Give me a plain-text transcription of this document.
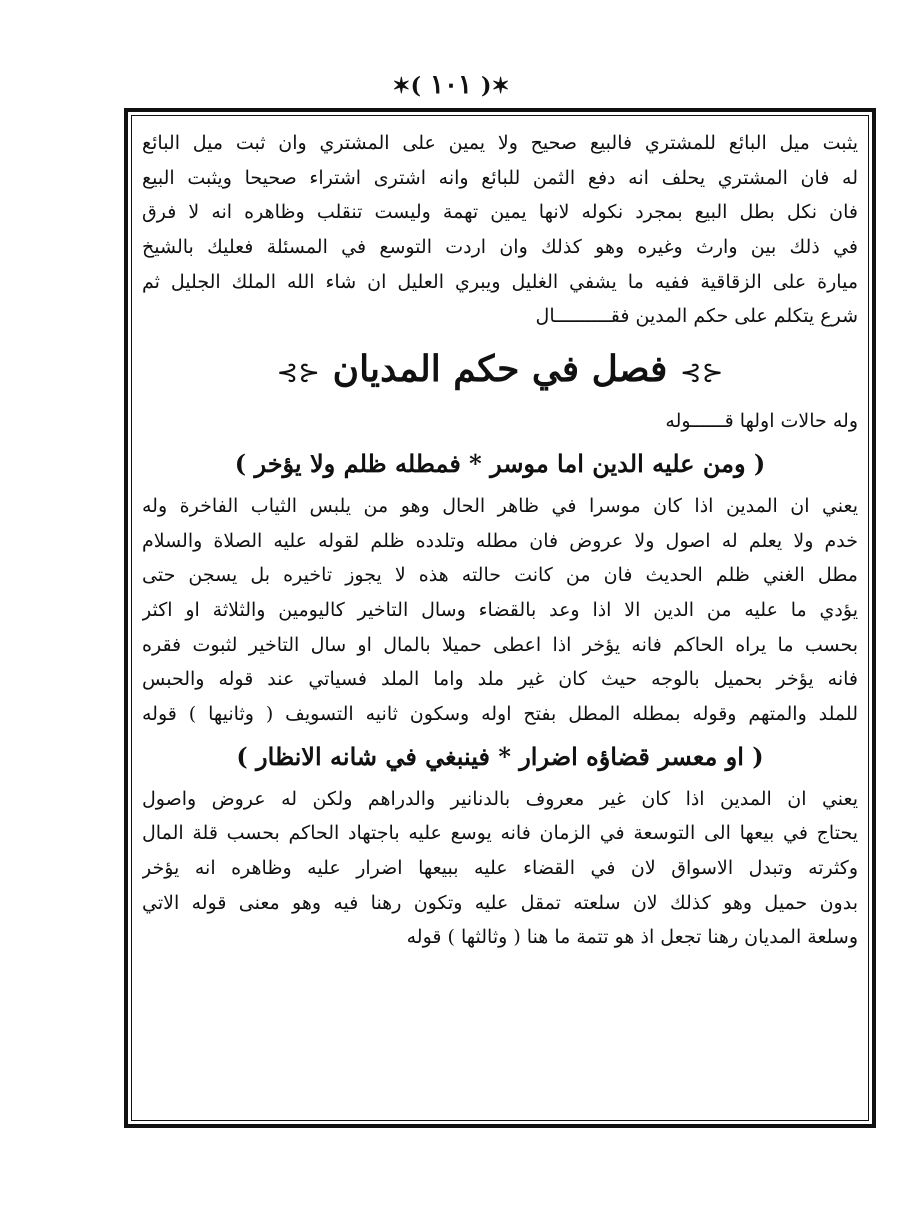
✶( ١٠١ )✶
يثبت ميل البائع للمشتري فالبيع صحيح ولا يمين على المشتري وان ثبت ميل البائع
له فان المشتري يحلف انه دفع الثمن للبائع وانه اشترى اشتراء صحيحا ويثبت البيع
فان نكل بطل البيع بمجرد نكوله لانها يمين تهمة وليست تنقلب وظاهره انه لا فرق
في ذلك بين وارث وغيره وهو كذلك وان اردت التوسع في المسئلة فعليك بالشيخ
ميارة على الزقاقية ففيه ما يشفي الغليل ويبري العليل ان شاء الله الملك الجليل ثم
شرع يتكلم على حكم المدين فقــــــــــال
⊰⊱ فصل في حكم المديان ⊰⊱
وله حالات اولها قــــــوله
( ومن عليه الدين اما موسر * فمطله ظلم ولا يؤخر )
يعني ان المدين اذا كان موسرا في ظاهر الحال وهو من يلبس الثياب الفاخرة وله
خدم ولا يعلم له اصول ولا عروض فان مطله وتلدده ظلم لقوله عليه الصلاة والسلام
مطل الغني ظلم الحديث فان من كانت حالته هذه لا يجوز تاخيره بل يسجن حتى
يؤدي ما عليه من الدين الا اذا وعد بالقضاء وسال التاخير كاليومين والثلاثة او اكثر
بحسب ما يراه الحاكم فانه يؤخر اذا اعطى حميلا بالمال او سال التاخير لثبوت فقره
فانه يؤخر بحميل بالوجه حيث كان غير ملد واما الملد فسياتي عند قوله والحبس
للملد والمتهم وقوله بمطله المطل بفتح اوله وسكون ثانيه التسويف ( وثانيها ) قوله
( او معسر قضاؤه اضرار * فينبغي في شانه الانظار )
يعني ان المدين اذا كان غير معروف بالدنانير والدراهم ولكن له عروض واصول
يحتاج في بيعها الى التوسعة في الزمان فانه يوسع عليه باجتهاد الحاكم بحسب قلة المال
وكثرته وتبدل الاسواق لان في القضاء عليه ببيعها اضرار عليه وظاهره انه يؤخر
بدون حميل وهو كذلك لان سلعته تمقل عليه وتكون رهنا فيه وهو معنى قوله الاتي
وسلعة المديان رهنا تجعل اذ هو تتمة ما هنا ( وثالثها ) قوله
